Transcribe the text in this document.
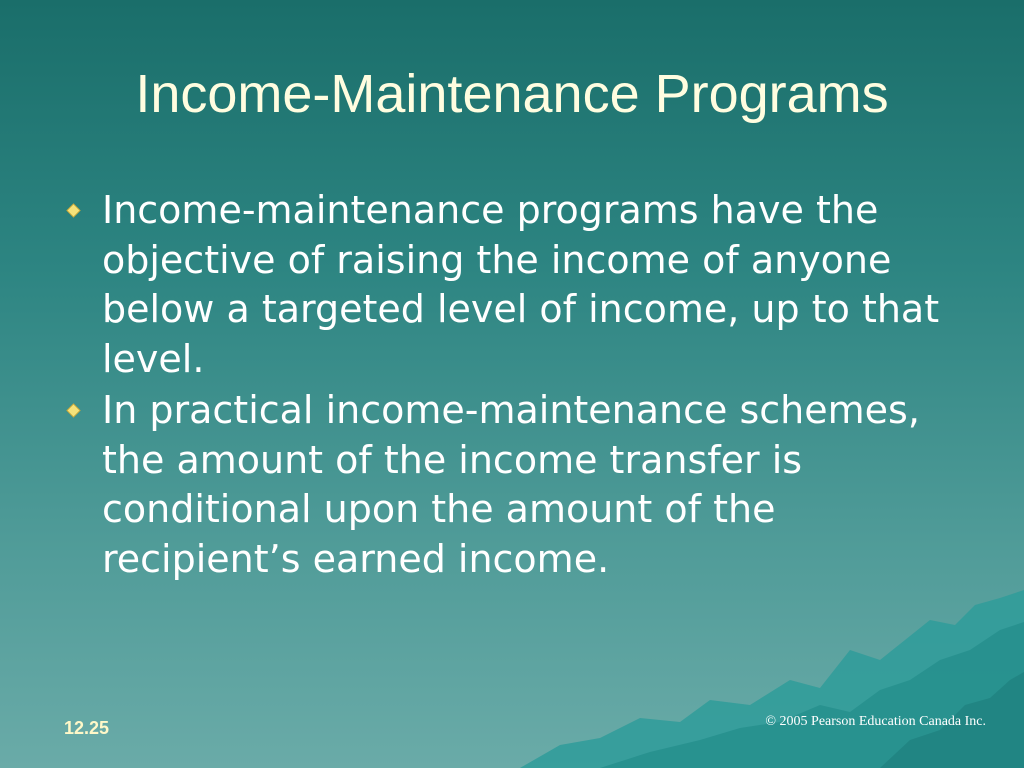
Income-Maintenance Programs
Income-maintenance programs have the objective of raising the income of anyone below a targeted level of income, up to that level.
In practical income-maintenance schemes, the amount of the income transfer is conditional upon the amount of the recipient’s earned income.
12.25	© 2005 Pearson Education Canada Inc.
